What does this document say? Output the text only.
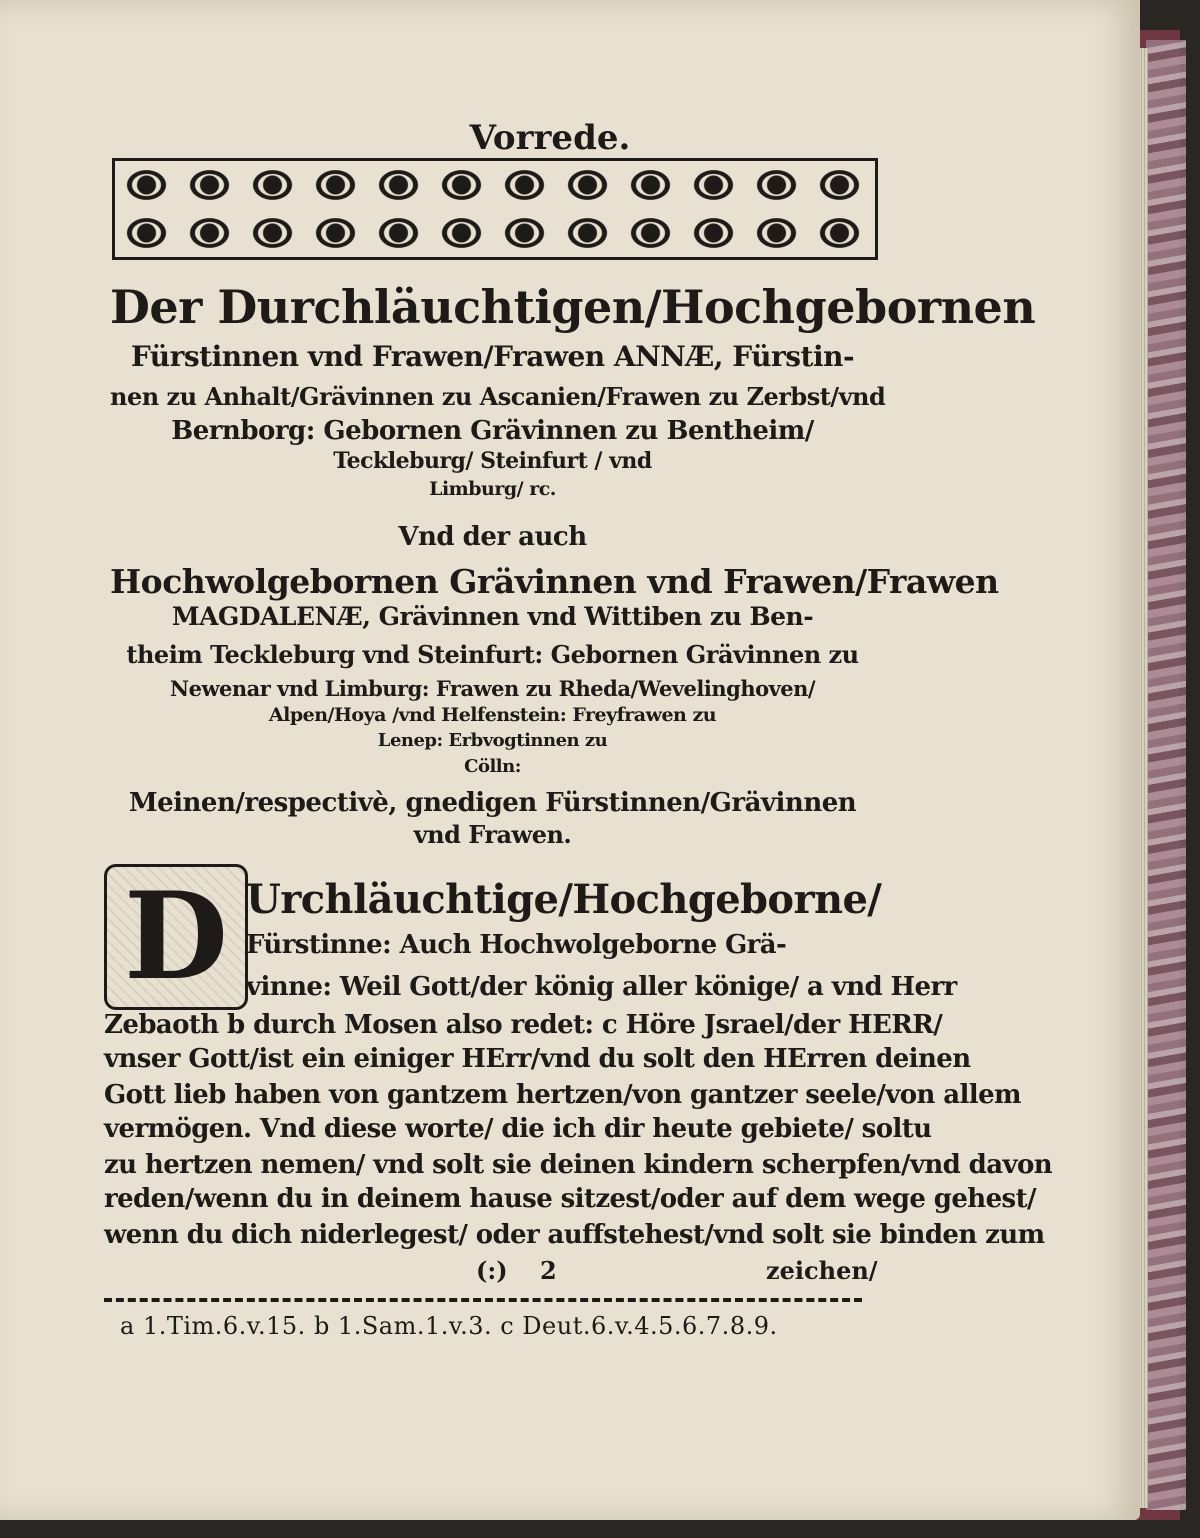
Vorrede.
Der Durchläuchtigen/Hochgebornen
Fürstinnen vnd Frawen/Frawen ANNÆ, Fürstin-
nen zu Anhalt/Grävinnen zu Ascanien/Frawen zu Zerbst/vnd
Bernborg: Gebornen Grävinnen zu Bentheim/
Teckleburg/ Steinfurt / vnd
Limburg/ rc.
Vnd der auch
Hochwolgebornen Grävinnen vnd Frawen/Frawen
MAGDALENÆ, Grävinnen vnd Wittiben zu Ben-
theim Teckleburg vnd Steinfurt: Gebornen Grävinnen zu
Newenar vnd Limburg: Frawen zu Rheda/Wevelinghoven/
Alpen/Hoya /vnd Helfenstein: Freyfrawen zu
Lenep: Erbvogtinnen zu
Cölln:
Meinen/respectivè, gnedigen Fürstinnen/Grävinnen
vnd Frawen.
D Urchläuchtige/Hochgeborne/
Fürstinne: Auch Hochwolgeborne Grä-
vinne: Weil Gott/der könig aller könige/ a vnd Herr
Zebaoth b durch Mosen also redet: c Höre Jsrael/der HERR/
vnser Gott/ist ein einiger HErr/vnd du solt den HErren deinen
Gott lieb haben von gantzem hertzen/von gantzer seele/von allem
vermögen. Vnd diese worte/ die ich dir heute gebiete/ soltu
zu hertzen nemen/ vnd solt sie deinen kindern scherpfen/vnd davon
reden/wenn du in deinem hause sitzest/oder auf dem wege gehest/
wenn du dich niderlegest/ oder auffstehest/vnd solt sie binden zum
(:) 2	zeichen/
a 1.Tim.6.v.15. b 1.Sam.1.v.3. c Deut.6.v.4.5.6.7.8.9.
